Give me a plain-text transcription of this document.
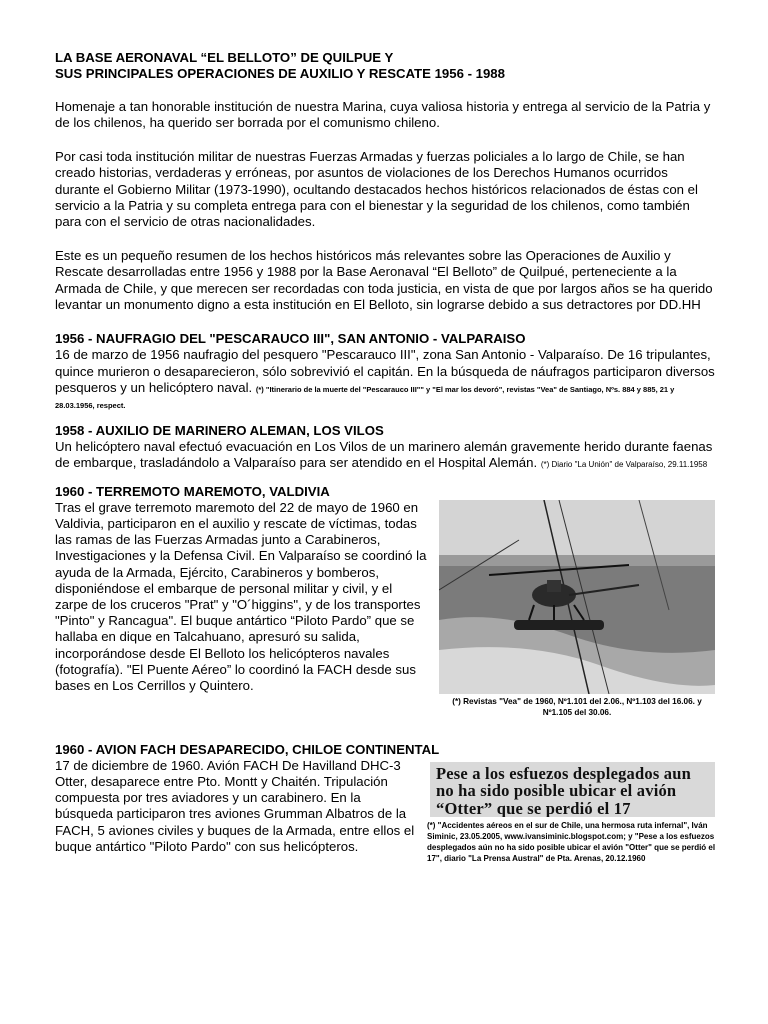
LA BASE AERONAVAL “EL BELLOTO” DE QUILPUE Y
SUS PRINCIPALES OPERACIONES DE AUXILIO Y RESCATE 1956 - 1988

Homenaje a tan honorable institución de nuestra Marina, cuya valiosa historia y entrega al servicio de la Patria y de los chilenos, ha querido ser borrada por el comunismo chileno.

Por casi toda institución militar de nuestras Fuerzas Armadas y fuerzas policiales a lo largo de Chile, se han creado historias, verdaderas y erróneas, por asuntos de violaciones de los Derechos Humanos ocurridos durante el Gobierno Militar (1973-1990), ocultando destacados hechos históricos relacionados de éstas con el servicio a la Patria y su completa entrega para con el bienestar y la seguridad de los chilenos, como también para con el servicio de otras nacionalidades.

Este es un pequeño resumen de los hechos históricos más relevantes sobre las Operaciones de Auxilio y Rescate desarrolladas entre 1956 y 1988 por la Base Aeronaval “El Belloto” de Quilpué, perteneciente a la Armada de Chile, y que merecen ser recordadas con toda justicia, en vista de que por largos años se ha querido levantar un monumento digno a esta institución en El Belloto, sin lograrse debido a sus detractores por DD.HH

1956 - NAUFRAGIO DEL "PESCARAUCO III", SAN ANTONIO - VALPARAISO
16 de marzo de 1956 naufragio del pesquero "Pescarauco III", zona San Antonio - Valparaíso. De 16 tripulantes, quince murieron o desaparecieron, sólo sobrevivió el capitán. En la búsqueda de náufragos participaron diversos pesqueros y un helicóptero naval. (*) "Itinerario de la muerte del "Pescarauco III"" y "El mar los devoró", revistas "Vea" de Santiago, Nºs. 884 y 885, 21 y 28.03.1956, respect.
1958 - AUXILIO DE MARINERO ALEMAN, LOS VILOS
Un helicóptero naval efectuó evacuación en Los Vilos de un marinero alemán gravemente herido durante faenas de embarque, trasladándolo a Valparaíso para ser atendido en el Hospital Alemán. (*) Diario "La Unión" de Valparaíso, 29.11.1958
1960 - TERREMOTO MAREMOTO, VALDIVIA
Tras el grave terremoto maremoto del 22 de mayo de 1960 en Valdivia, participaron en el auxilio y rescate de víctimas, todas las ramas de las Fuerzas Armadas junto a Carabineros, Investigaciones y la Defensa Civil. En Valparaíso se coordinó la ayuda de la Armada, Ejército, Carabineros y bomberos, disponiéndose el embarque de personal militar y civil, y el zarpe de los cruceros "Prat" y "O´higgins", y de los transportes "Pinto" y Rancagua". El buque antártico “Piloto Pardo” que se hallaba en dique en Talcahuano, apresuró su salida, incorporándose desde El Belloto los helicópteros navales (fotografía). "El Puente Aéreo” lo coordinó la FACH desde sus bases en Los Cerrillos y Quintero.
(*) Revistas "Vea" de 1960, Nº1.101 del 2.06., Nº1.103 del 16.06. y Nº1.105 del 30.06.
1960 - AVION FACH DESAPARECIDO, CHILOE CONTINENTAL
17 de diciembre de 1960. Avión FACH De Havilland DHC-3 Otter, desaparece entre Pto. Montt y Chaitén. Tripulación compuesta por tres aviadores y un carabinero. En la búsqueda participaron tres aviones Grumman Albatros de la FACH, 5 aviones civiles y buques de la Armada, entre ellos el buque antártico "Piloto Pardo" con sus helicópteros.
Pese a los esfuezos desplegados aun no ha sido posible ubicar el avión “Otter” que se perdió el 17
(*) "Accidentes aéreos en el sur de Chile, una hermosa ruta infernal", Iván Siminic, 23.05.2005, www.ivansiminic.blogspot.com; y "Pese a los esfuezos desplegados aún no ha sido posible ubicar el avión "Otter" que se perdió el 17", diario "La Prensa Austral" de Pta. Arenas, 20.12.1960
